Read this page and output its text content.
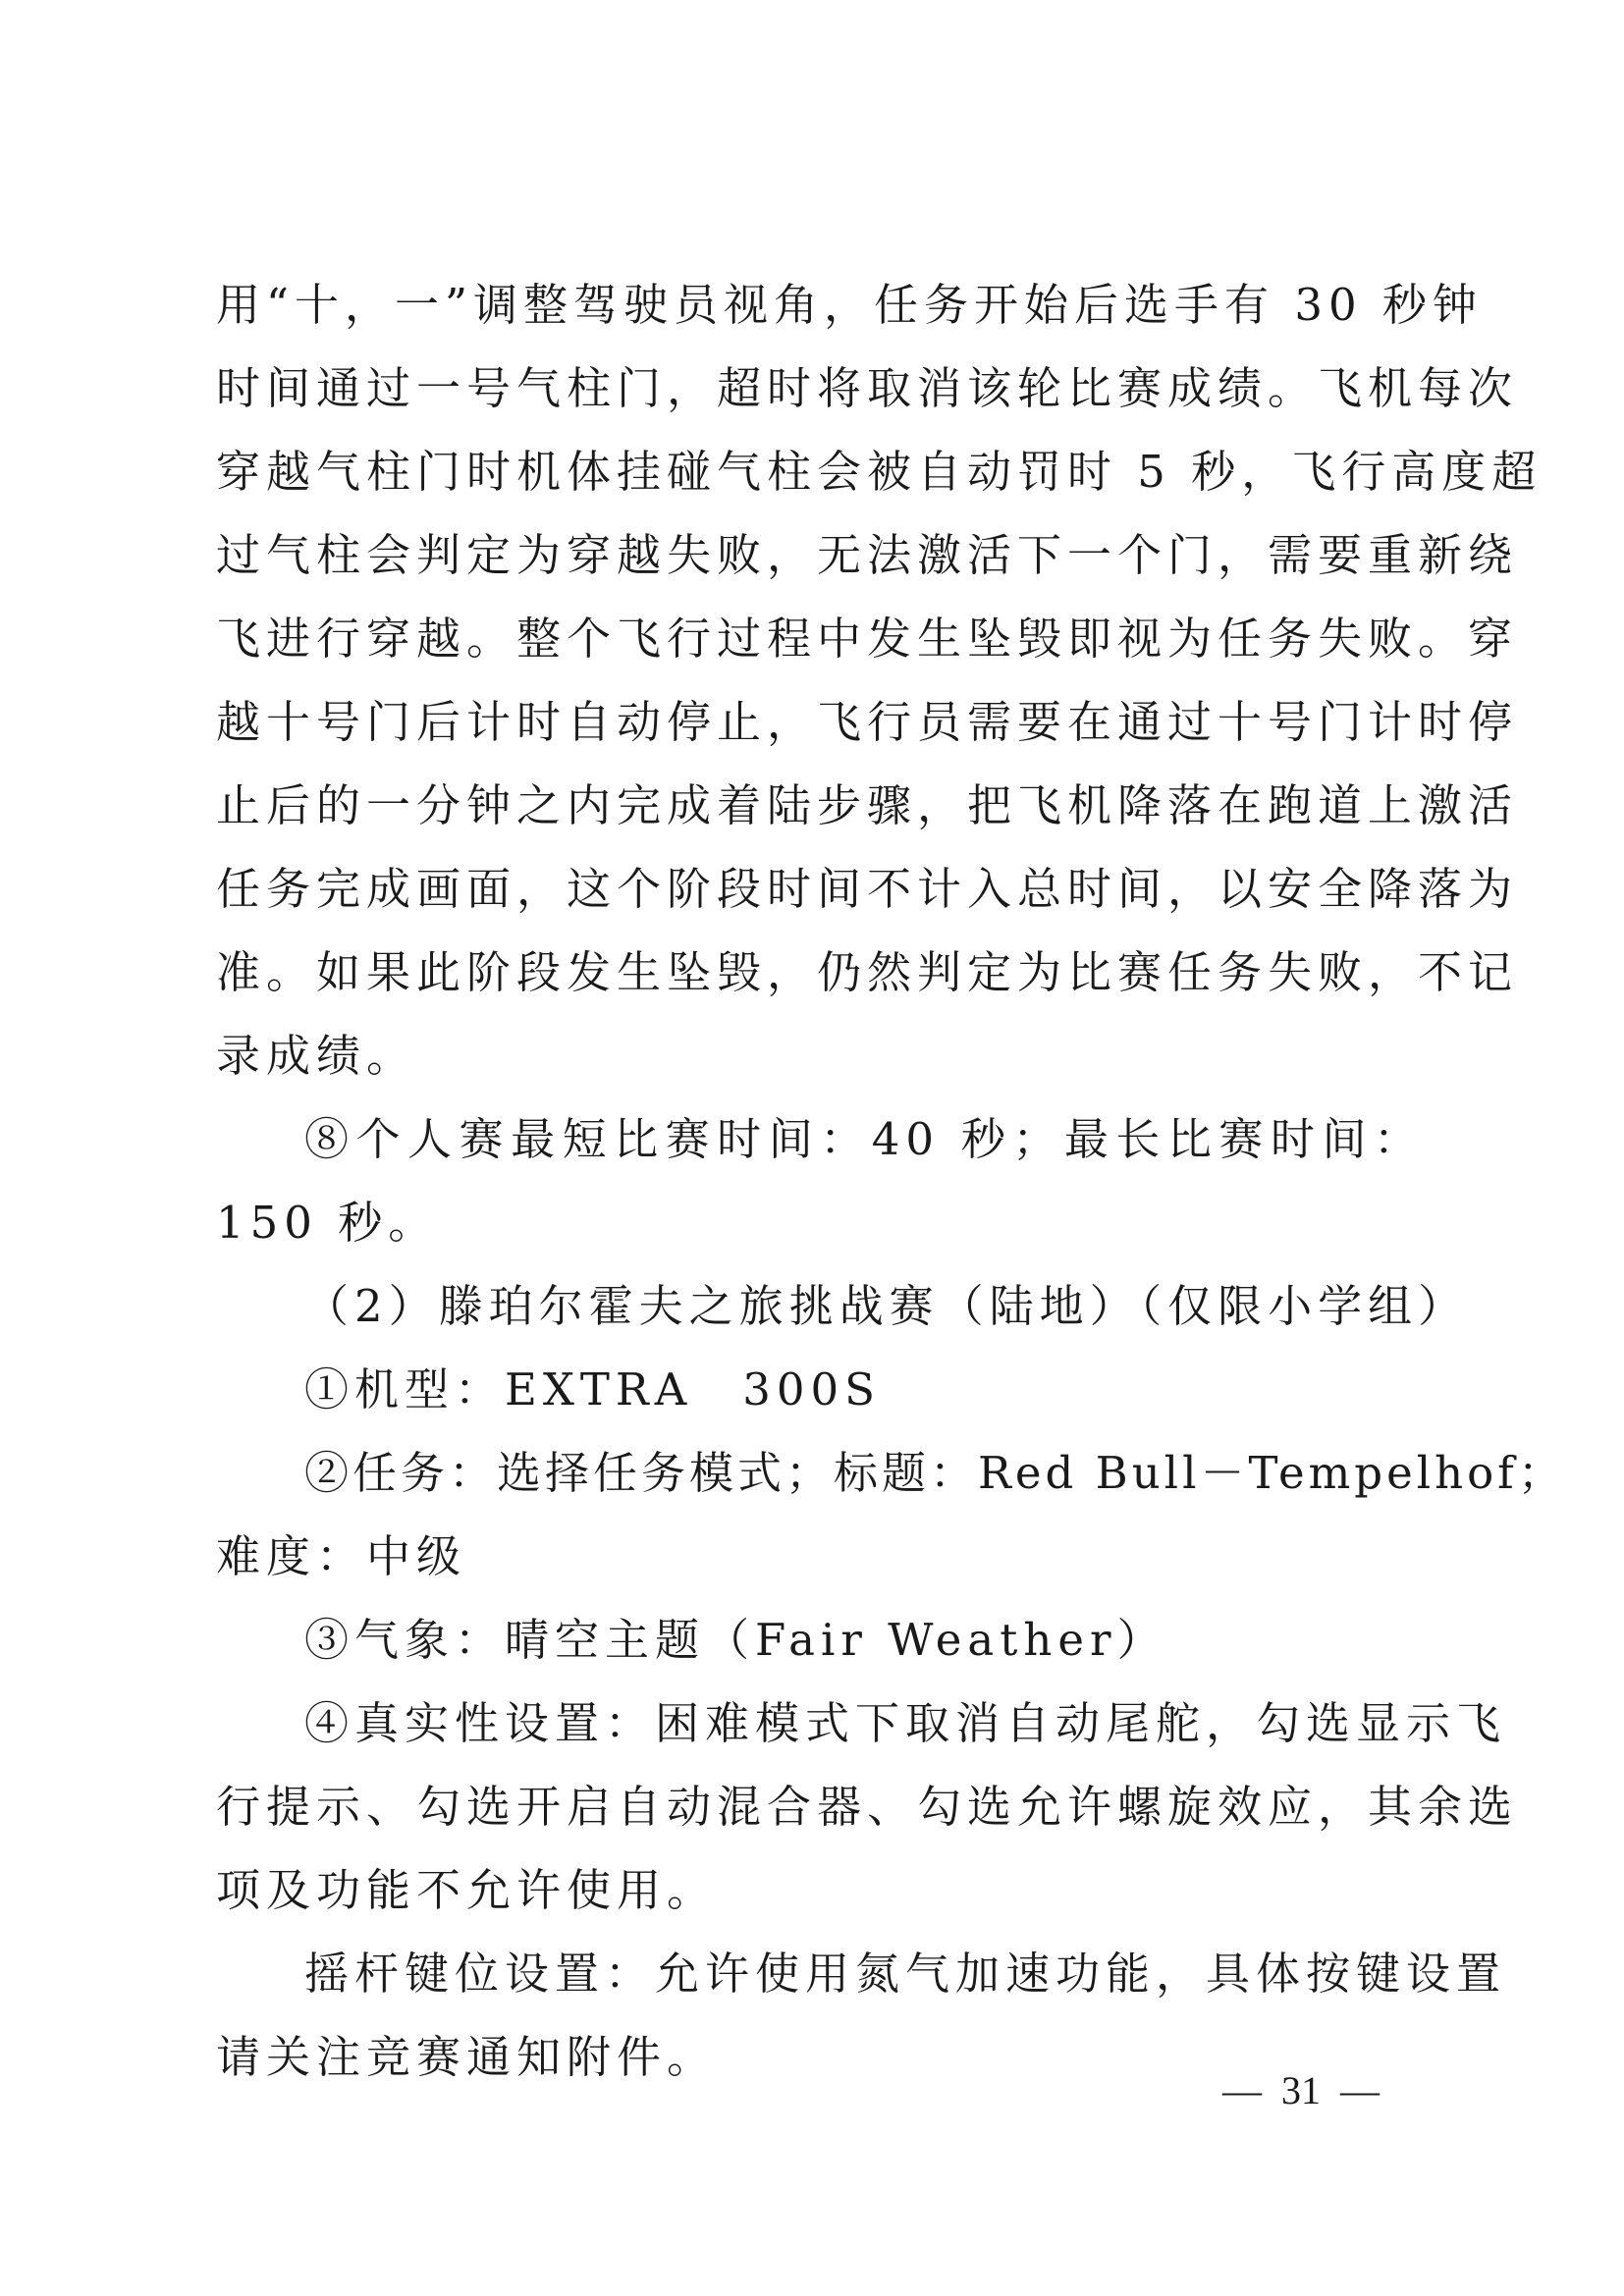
用“十，一”调整驾驶员视角，任务开始后选手有 30 秒钟
时间通过一号气柱门，超时将取消该轮比赛成绩。飞机每次
穿越气柱门时机体挂碰气柱会被自动罚时 5 秒，飞行高度超
过气柱会判定为穿越失败，无法激活下一个门，需要重新绕
飞进行穿越。整个飞行过程中发生坠毁即视为任务失败。穿
越十号门后计时自动停止，飞行员需要在通过十号门计时停
止后的一分钟之内完成着陆步骤，把飞机降落在跑道上激活
任务完成画面，这个阶段时间不计入总时间，以安全降落为
准。如果此阶段发生坠毁，仍然判定为比赛任务失败，不记
录成绩。
⑧个人赛最短比赛时间：40 秒；最长比赛时间：
150 秒。
（2）滕珀尔霍夫之旅挑战赛（陆地）（仅限小学组）
①机型：EXTRA　300S
②任务：选择任务模式；标题：Red Bull－Tempelhof；
难度：中级
③气象：晴空主题（Fair Weather）
④真实性设置：困难模式下取消自动尾舵，勾选显示飞
行提示、勾选开启自动混合器、勾选允许螺旋效应，其余选
项及功能不允许使用。
摇杆键位设置：允许使用氮气加速功能，具体按键设置
请关注竞赛通知附件。
—  31  —
